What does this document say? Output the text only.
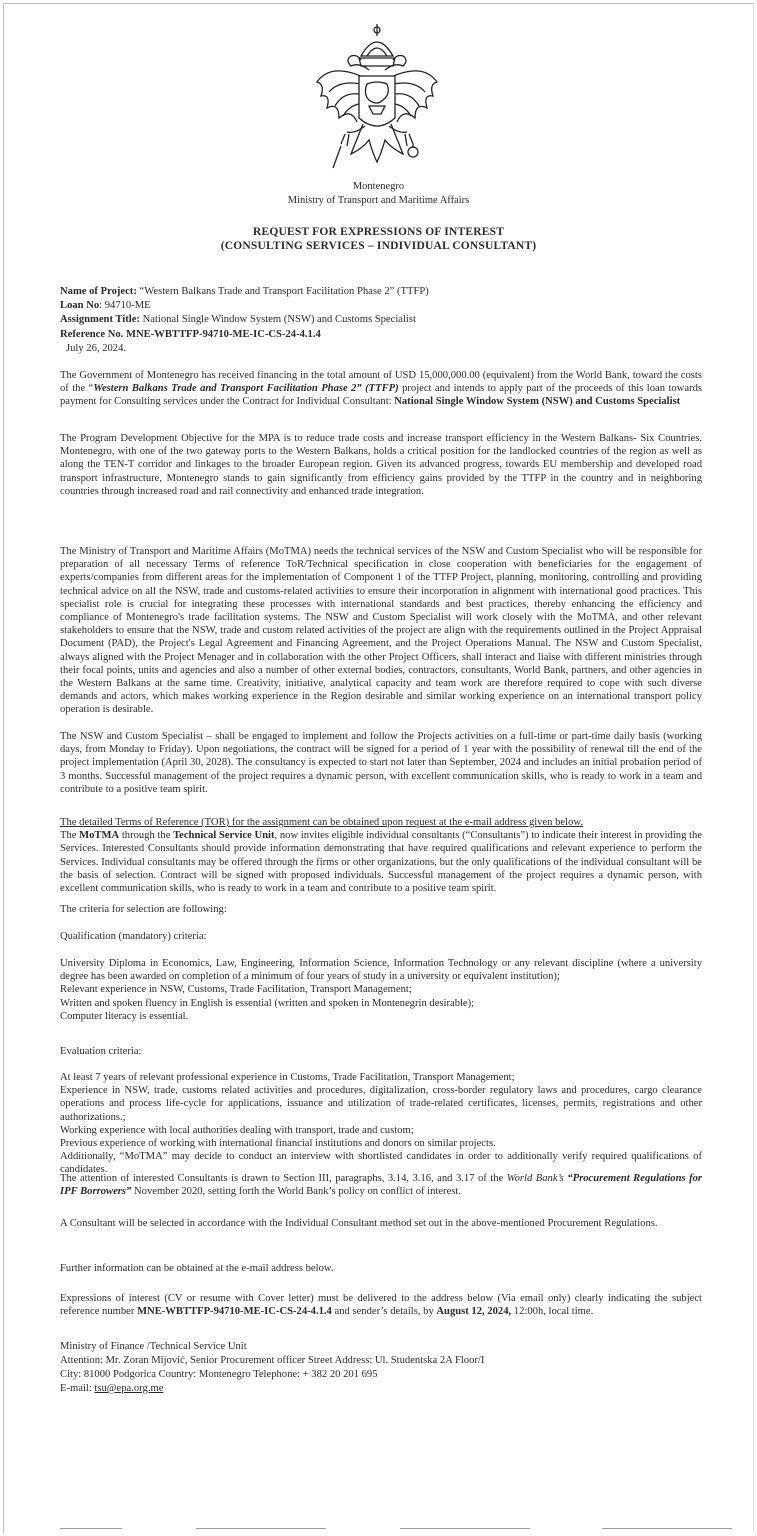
Montenegro
Ministry of Transport and Maritime Affairs
REQUEST FOR EXPRESSIONS OF INTEREST
(CONSULTING SERVICES – INDIVIDUAL CONSULTANT)
Name of Project: “Western Balkans Trade and Transport Facilitation Phase 2” (TTFP)
Loan No: 94710-ME
Assignment Title: National Single Window System (NSW) and Customs Specialist
Reference No. MNE-WBTTFP-94710-ME-IC-CS-24-4.1.4
July 26, 2024.
The Government of Montenegro has received financing in the total amount of USD 15,000,000.00 (equivalent) from the World Bank, toward the costs of the “Western Balkans Trade and Transport Facilitation Phase 2” (TTFP) project and intends to apply part of the proceeds of this loan towards payment for Consulting services under the Contract for Individual Consultant: National Single Window System (NSW) and Customs Specialist
The Program Development Objective for the MPA is to reduce trade costs and increase transport efficiency in the Western Balkans- Six Countries. Montenegro, with one of the two gateway ports to the Western Balkans, holds a critical position for the landlocked countries of the region as well as along the TEN-T corridor and linkages to the broader European region. Given its advanced progress, towards EU membership and developed road transport infrastructure, Montenegro stands to gain significantly from efficiency gains provided by the TTFP in the country and in neighboring countries through increased road and rail connectivity and enhanced trade integration.
The Ministry of Transport and Maritime Affairs (MoTMA) needs the technical services of the NSW and Custom Specialist who will be responsible for preparation of all necessary Terms of reference ToR/Technical specification in close cooperation with beneficiaries for the engagement of experts/companies from different areas for the implementation of Component 1 of the TTFP Project, planning, monitoring, controlling and providing technical advice on all the NSW, trade and customs-related activities to ensure their incorporation in alignment with international good practices. This specialist role is crucial for integrating these processes with international standards and best practices, thereby enhancing the efficiency and compliance of Montenegro's trade facilitation systems. The NSW and Custom Specialist will work closely with the MoTMA, and other relevant stakeholders to ensure that the NSW, trade and custom related activities of the project are align with the requirements outlined in the Project Appraisal Document (PAD), the Project's Legal Agreement and Financing Agreement, and the Project Operations Manual. The NSW and Custom Specialist, always aligned with the Project Menager and in collaboration with the other Project Officers, shall interact and liaise with different ministries through their focal points, units and agencies and also a number of other external bodies, contractors, consultants, World Bank, partners, and other agencies in the Western Balkans at the same time. Creativity, initiative, analytical capacity and team work are therefore required to cope with such diverse demands and actors, which makes working experience in the Region desirable and similar working experience on an international transport policy operation is desirable.
The NSW and Custom Specialist – shall be engaged to implement and follow the Projects activities on a full-time or part-time daily basis (working days, from Monday to Friday). Upon negotiations, the contract will be signed for a period of 1 year with the possibility of renewal till the end of the project implementation (April 30, 2028). The consultancy is expected to start not later than September, 2024 and includes an initial probation period of 3 months. Successful management of the project requires a dynamic person, with excellent communication skills, who is ready to work in a team and contribute to a positive team spirit.
The detailed Terms of Reference (TOR) for the assignment can be obtained upon request at the e-mail address given below.
The MoTMA through the Technical Service Unit, now invites eligible individual consultants (“Consultants”) to indicate their interest in providing the Services. Interested Consultants should provide information demonstrating that have required qualifications and relevant experience to perform the Services. Individual consultants may be offered through the firms or other organizations, but the only qualifications of the individual consultant will be the basis of selection. Contract will be signed with proposed individuals. Successful management of the project requires a dynamic person, with excellent communication skills, who is ready to work in a team and contribute to a positive team spirit.
The criteria for selection are following:
Qualification (mandatory) criteria:
University Diploma in Economics, Law, Engineering, Information Science, Information Technology or any relevant discipline (where a university degree has been awarded on completion of a minimum of four years of study in a university or equivalent institution);
Relevant experience in NSW, Customs, Trade Facilitation, Transport Management;
Written and spoken fluency in English is essential (written and spoken in Montenegrin desirable);
Computer literacy is essential.
Evaluation criteria:
At least 7 years of relevant professional experience in Customs, Trade Facilitation, Transport Management;
Experience in NSW, trade, customs related activities and procedures, digitalization, cross-border regulatory laws and procedures, cargo clearance operations and process life-cycle for applications, issuance and utilization of trade-related certificates, licenses, permits, registrations and other authorizations.;
Working experience with local authorities dealing with transport, trade and custom;
Previous experience of working with international financial institutions and donors on similar projects.
Additionally, “MoTMA” may decide to conduct an interview with shortlisted candidates in order to additionally verify required qualifications of candidates.
The attention of interested Consultants is drawn to Section III, paragraphs, 3.14, 3.16, and 3.17 of the World Bank’s “Procurement Regulations for IPF Borrowers” November 2020, setting forth the World Bank’s policy on conflict of interest.
A Consultant will be selected in accordance with the Individual Consultant method set out in the above-mentioned Procurement Regulations.
Further information can be obtained at the e-mail address below.
Expressions of interest (CV or resume with Cover letter) must be delivered to the address below (Via email only) clearly indicating the subject reference number MNE-WBTTFP-94710-ME-IC-CS-24-4.1.4 and sender’s details, by August 12, 2024, 12:00h, local time.
Ministry of Finance /Technical Service Unit
Attention: Mr. Zoran Mijović, Senior Procurement officer Street Address: Ul. Studentska 2A Floor/I
City: 81000 Podgorica Country: Montenegro Telephone: + 382 20 201 695
E-mail: tsu@epa.org.me
